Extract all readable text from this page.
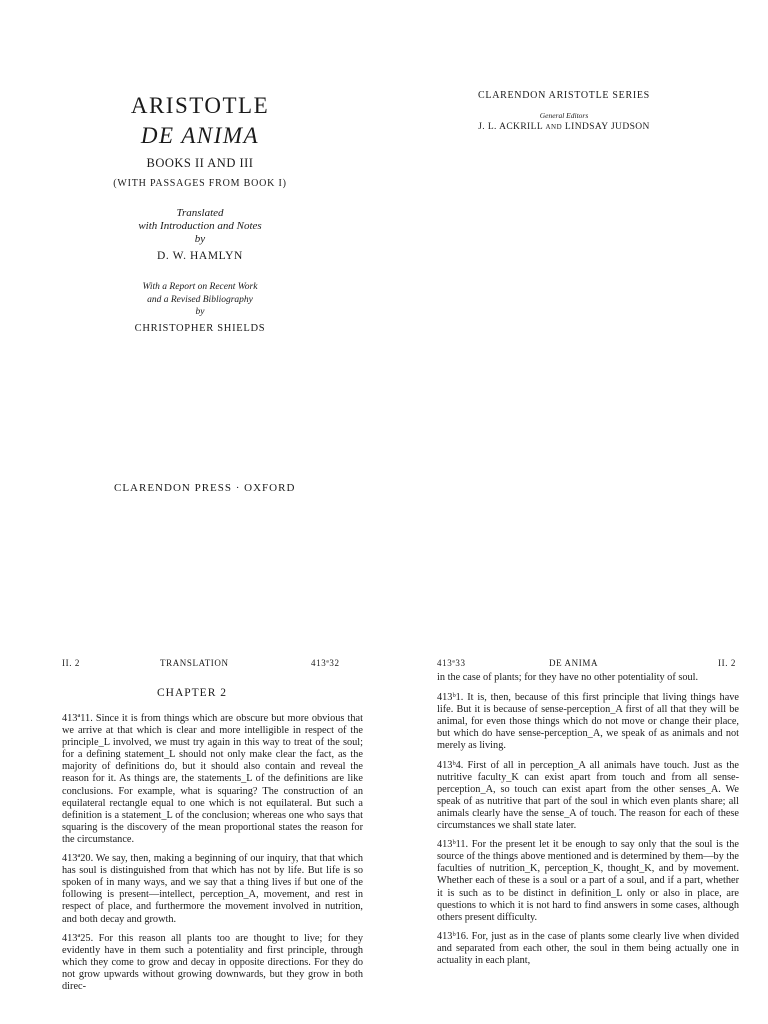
ARISTOTLE
DE ANIMA
BOOKS II AND III
(WITH PASSAGES FROM BOOK I)
Translated
with Introduction and Notes
by
D. W. HAMLYN
With a Report on Recent Work
and a Revised Bibliography
by
CHRISTOPHER SHIELDS
CLARENDON PRESS · OXFORD
CLARENDON ARISTOTLE SERIES
General Editors
J. L. ACKRILL AND LINDSAY JUDSON
II. 2	TRANSLATION	413ª32
CHAPTER 2

413ª11. Since it is from things which are obscure but more obvious that we arrive at that which is clear and more intelligible in respect of the principle_L involved, we must try again in this way to treat of the soul; for a defining statement_L should not only make clear the fact, as the majority of definitions do, but it should also contain and reveal the reason for it. As things are, the statements_L of the definitions are like conclusions. For example, what is squaring? The construction of an equilateral rectangle equal to one which is not equilateral. But such a definition is a statement_L of the conclusion; whereas one who says that squaring is the discovery of the mean proportional states the reason for the circumstance.

413ª20. We say, then, making a beginning of our inquiry, that that which has soul is distinguished from that which has not by life. But life is so spoken of in many ways, and we say that a thing lives if but one of the following is present—intellect, perception_A, movement, and rest in respect of place, and furthermore the movement involved in nutrition, and both decay and growth.

413ª25. For this reason all plants too are thought to live; for they evidently have in them such a potentiality and first principle, through which they come to grow and decay in opposite directions. For they do not grow upwards without growing downwards, but they grow in both direc-

413ª33	DE ANIMA	II. 2

in the case of plants; for they have no other potentiality of soul.

413ᵇ1. It is, then, because of this first principle that living things have life. But it is because of sense-perception_A first of all that they will be animal, for even those things which do not move or change their place, but which do have sense-perception_A, we speak of as animals and not merely as living.

413ᵇ4. First of all in perception_A all animals have touch. Just as the nutritive faculty_K can exist apart from touch and from all sense-perception_A, so touch can exist apart from the other senses_A. We speak of as nutritive that part of the soul in which even plants share; all animals clearly have the sense_A of touch. The reason for each of these circumstances we shall state later.

413ᵇ11. For the present let it be enough to say only that the soul is the source of the things above mentioned and is determined by them—by the faculties of nutrition_K, perception_K, thought_K, and by movement. Whether each of these is a soul or a part of a soul, and if a part, whether it is such as to be distinct in definition_L only or also in place, are questions to which it is not hard to find answers in some cases, although others present difficulty.

413ᵇ16. For, just as in the case of plants some clearly live when divided and separated from each other, the soul in them being actually one in actuality in each plant,
